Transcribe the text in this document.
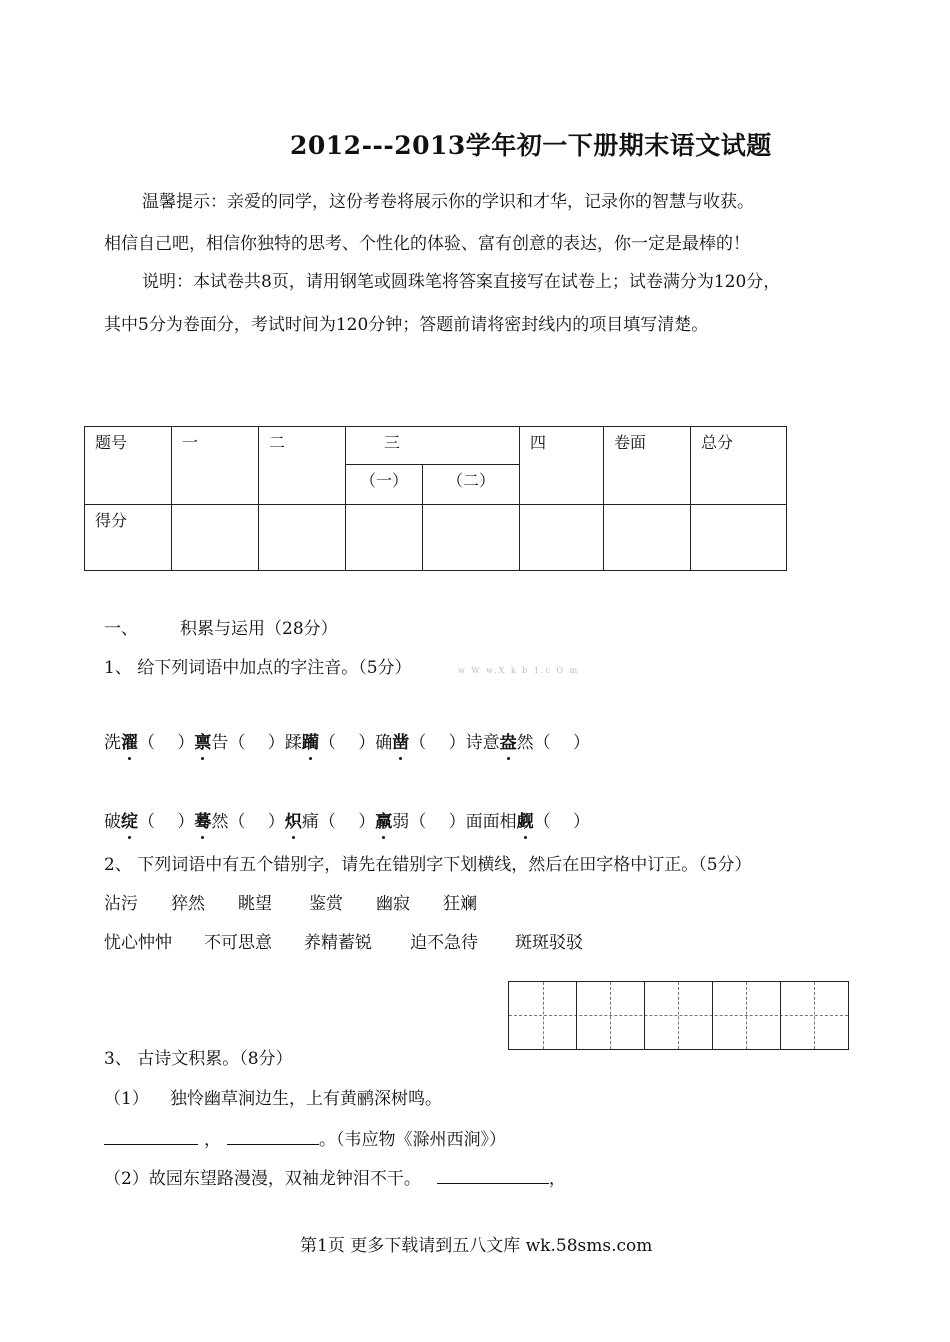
2012---2013学年初一下册期末语文试题
温馨提示：亲爱的同学，这份考卷将展示你的学识和才华，记录你的智慧与收获。
相信自己吧，相信你独特的思考、个性化的体验、富有创意的表达，你一定是最棒的！
说明：本试卷共8页，请用钢笔或圆珠笔将答案直接写在试卷上；试卷满分为120分，
其中5分为卷面分，考试时间为120分钟；答题前请将密封线内的项目填写清楚。
题号	一	二	三		四	卷面	总分
			（一）	（二）			
得分							
一、 积累与运用（28分）
1、 给下列词语中加点的字注音。（5分）	w W w.X k b 1.c O m
洗濯（　 ）禀告（　 ）蹂躏（　 ）确凿（　 ）诗意盎然（　 ）
破绽（　 ）蓦然（　 ）炽痛（　 ）羸弱（　 ）面面相觑（　 ）
2、 下列词语中有五个错别字，请先在错别字下划横线，然后在田字格中订正。（5分）
沾污 猝然 眺望 鉴赏 幽寂 狂斓
忧心忡忡 不可思意 养精蓄锐 迫不急待 斑斑驳驳
3、 古诗文积累。（8分）
（1） 独怜幽草涧边生，上有黄鹂深树鸣。
，	。（韦应物《滁州西涧》）
（2）故园东望路漫漫，双袖龙钟泪不干。	，
第1页 更多下载请到五八文库 wk.58sms.com
